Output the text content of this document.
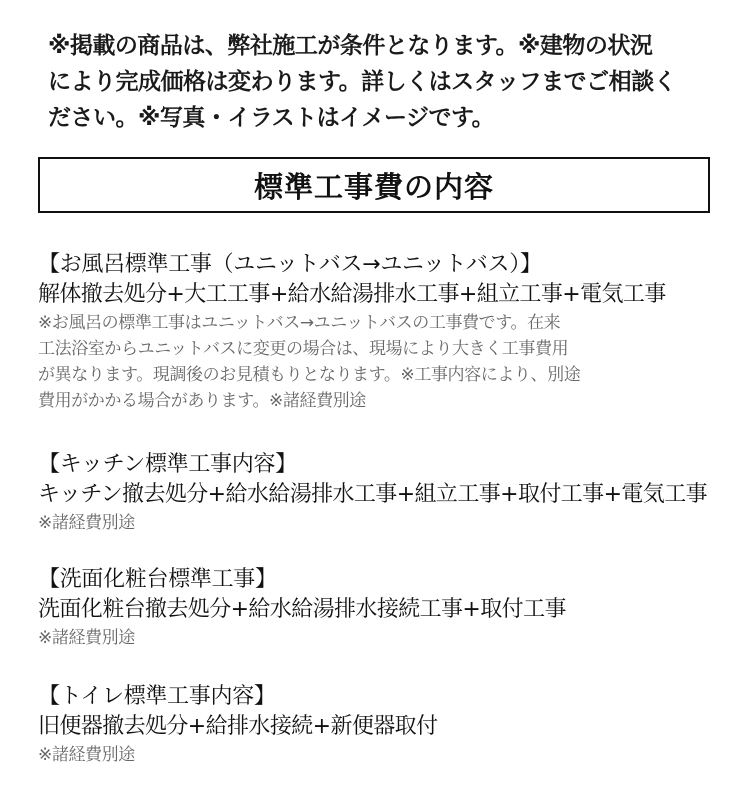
※掲載の商品は、弊社施工が条件となります。※建物の状況
により完成価格は変わります。詳しくはスタッフまでご相談く
ださい。※写真・イラストはイメージです。
標準工事費の内容
【お風呂標準工事（ユニットバス→ユニットバス）】
解体撤去処分+大工工事+給水給湯排水工事+組立工事+電気工事
※お風呂の標準工事はユニットバス→ユニットバスの工事費です。在来
工法浴室からユニットバスに変更の場合は、現場により大きく工事費用
が異なります。現調後のお見積もりとなります。※工事内容により、別途
費用がかかる場合があります。※諸経費別途
【キッチン標準工事内容】
キッチン撤去処分+給水給湯排水工事+組立工事+取付工事+電気工事
※諸経費別途
【洗面化粧台標準工事】
洗面化粧台撤去処分+給水給湯排水接続工事+取付工事
※諸経費別途
【トイレ標準工事内容】
旧便器撤去処分+給排水接続+新便器取付
※諸経費別途
